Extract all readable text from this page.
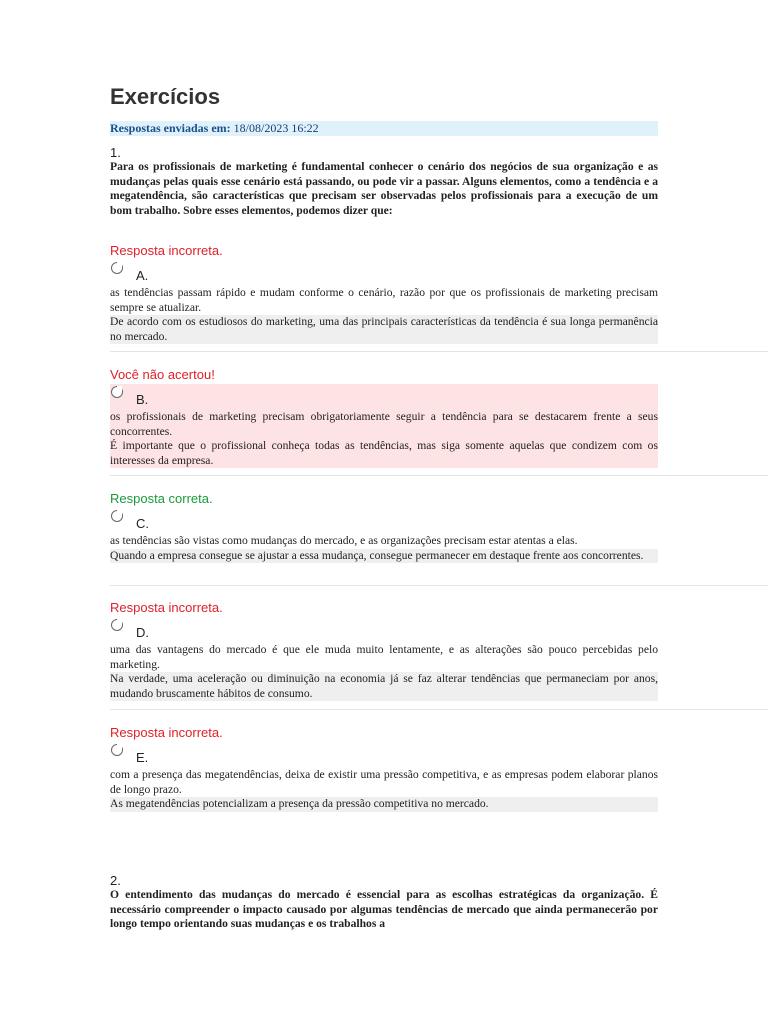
Exercícios
Respostas enviadas em: 18/08/2023 16:22
1.
Para os profissionais de marketing é fundamental conhecer o cenário dos negócios de sua organização e as mudanças pelas quais esse cenário está passando, ou pode vir a passar. Alguns elementos, como a tendência e a megatendência, são características que precisam ser observadas pelos profissionais para a execução de um bom trabalho. Sobre esses elementos, podemos dizer que:
Resposta incorreta.
A.
as tendências passam rápido e mudam conforme o cenário, razão por que os profissionais de marketing precisam sempre se atualizar.
De acordo com os estudiosos do marketing, uma das principais características da tendência é sua longa permanência no mercado.
Você não acertou!
B.
os profissionais de marketing precisam obrigatoriamente seguir a tendência para se destacarem frente a seus concorrentes.
É importante que o profissional conheça todas as tendências, mas siga somente aquelas que condizem com os interesses da empresa.
Resposta correta.
C.
as tendências são vistas como mudanças do mercado, e as organizações precisam estar atentas a elas.
Quando a empresa consegue se ajustar a essa mudança, consegue permanecer em destaque frente aos concorrentes.
Resposta incorreta.
D.
uma das vantagens do mercado é que ele muda muito lentamente, e as alterações são pouco percebidas pelo marketing.
Na verdade, uma aceleração ou diminuição na economia já se faz alterar tendências que permaneciam por anos, mudando bruscamente hábitos de consumo.
Resposta incorreta.
E.
com a presença das megatendências, deixa de existir uma pressão competitiva, e as empresas podem elaborar planos de longo prazo.
As megatendências potencializam a presença da pressão competitiva no mercado.
2.
O entendimento das mudanças do mercado é essencial para as escolhas estratégicas da organização. É necessário compreender o impacto causado por algumas tendências de mercado que ainda permanecerão por longo tempo orientando suas mudanças e os trabalhos a
